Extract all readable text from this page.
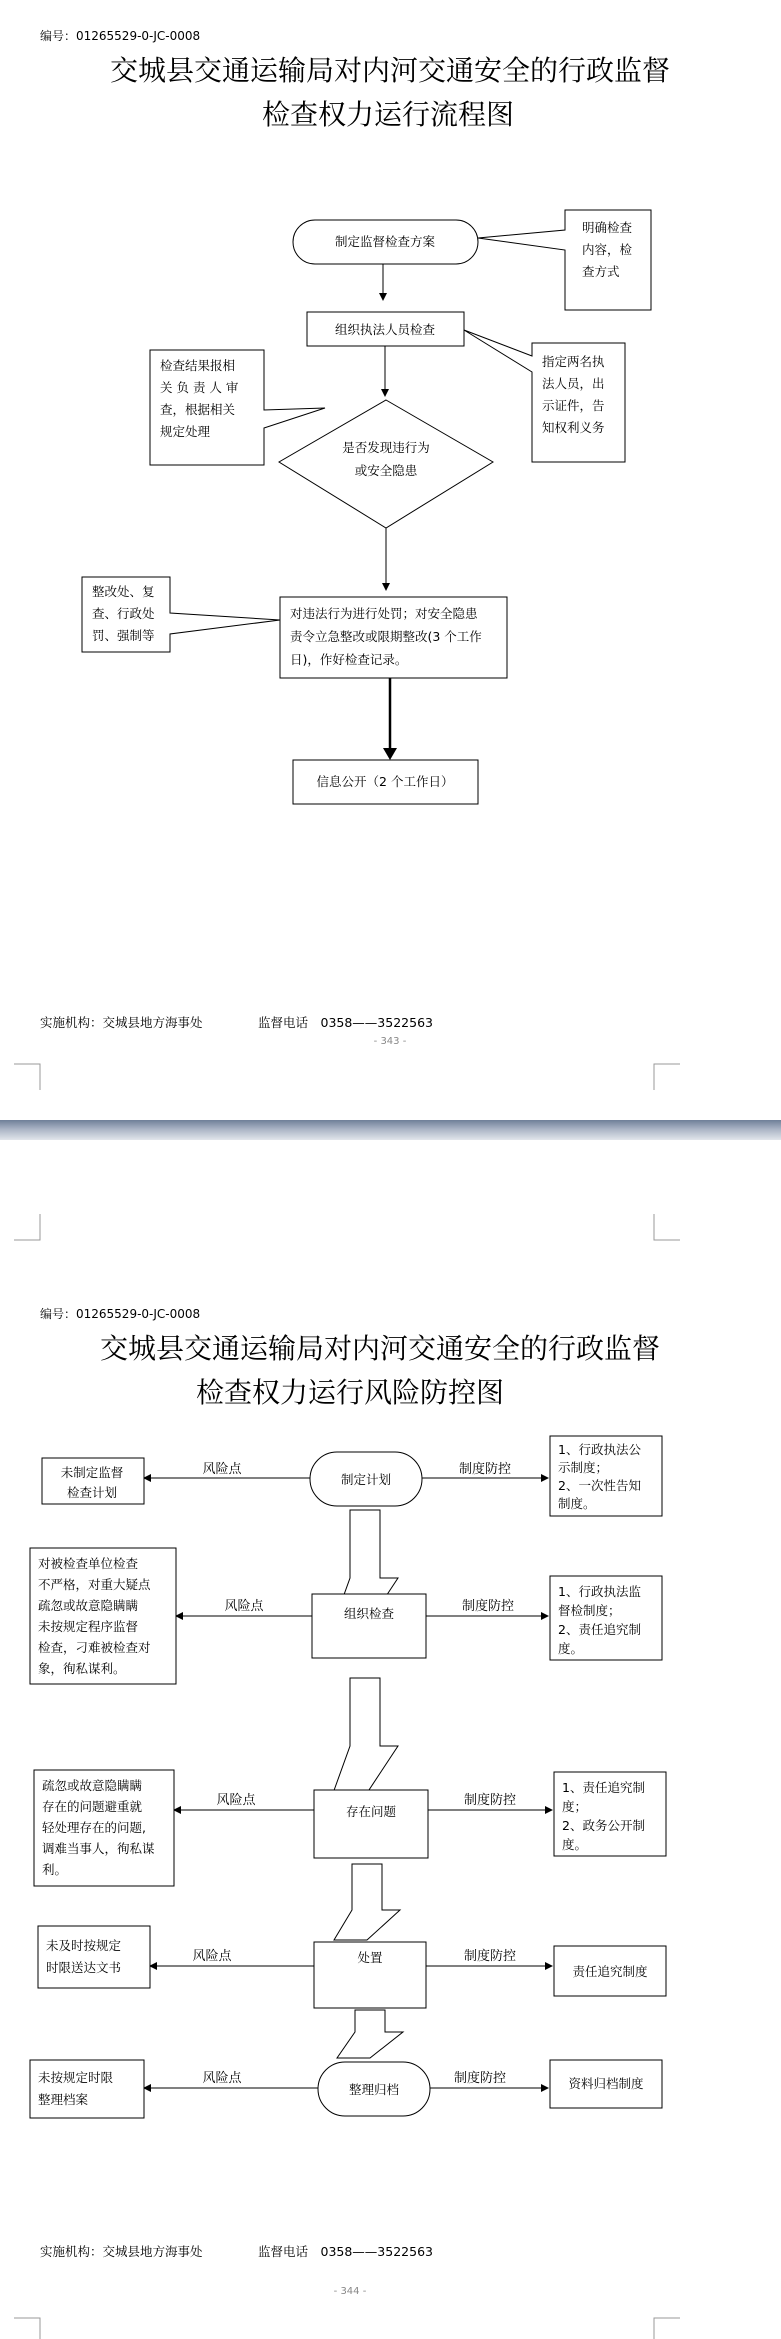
编号：01265529-0-JC-0008
交城县交通运输局对内河交通安全的行政监督
检查权力运行流程图
制定监督检查方案
明确检查
内容，检
查方式
组织执法人员检查
指定两名执
法人员，出
示证件，告
知权利义务
检查结果报相
关 负 责 人 审
查，根据相关
规定处理
是否发现违行为
或安全隐患
整改处、复
查、行政处
罚、强制等
对违法行为进行处罚；对安全隐患
责令立急整改或限期整改(3 个工作
日)，作好检查记录。
信息公开（2 个工作日）
实施机构：交城县地方海事处	监督电话　0358——3522563
- 343 -
编号：01265529-0-JC-0008
交城县交通运输局对内河交通安全的行政监督
检查权力运行风险防控图
制定计划
风险点
未制定监督
检查计划
制度防控
1、行政执法公
示制度；
2、一次性告知
制度。
组织检查
风险点
对被检查单位检查
不严格，对重大疑点
疏忽或故意隐瞒瞒
未按规定程序监督
检查，刁难被检查对
象，徇私谋利。
制度防控
1、行政执法监
督检制度；
2、责任追究制
度。
存在问题
风险点
疏忽或故意隐瞒瞒
存在的问题避重就
轻处理存在的问题,
调难当事人，徇私谋
利。
制度防控
1、责任追究制
度；
2、政务公开制
度。
处置
风险点
未及时按规定
时限送达文书
制度防控
责任追究制度
整理归档
风险点
未按规定时限
整理档案
制度防控	资料归档制度
实施机构：交城县地方海事处	监督电话　0358——3522563
- 344 -
